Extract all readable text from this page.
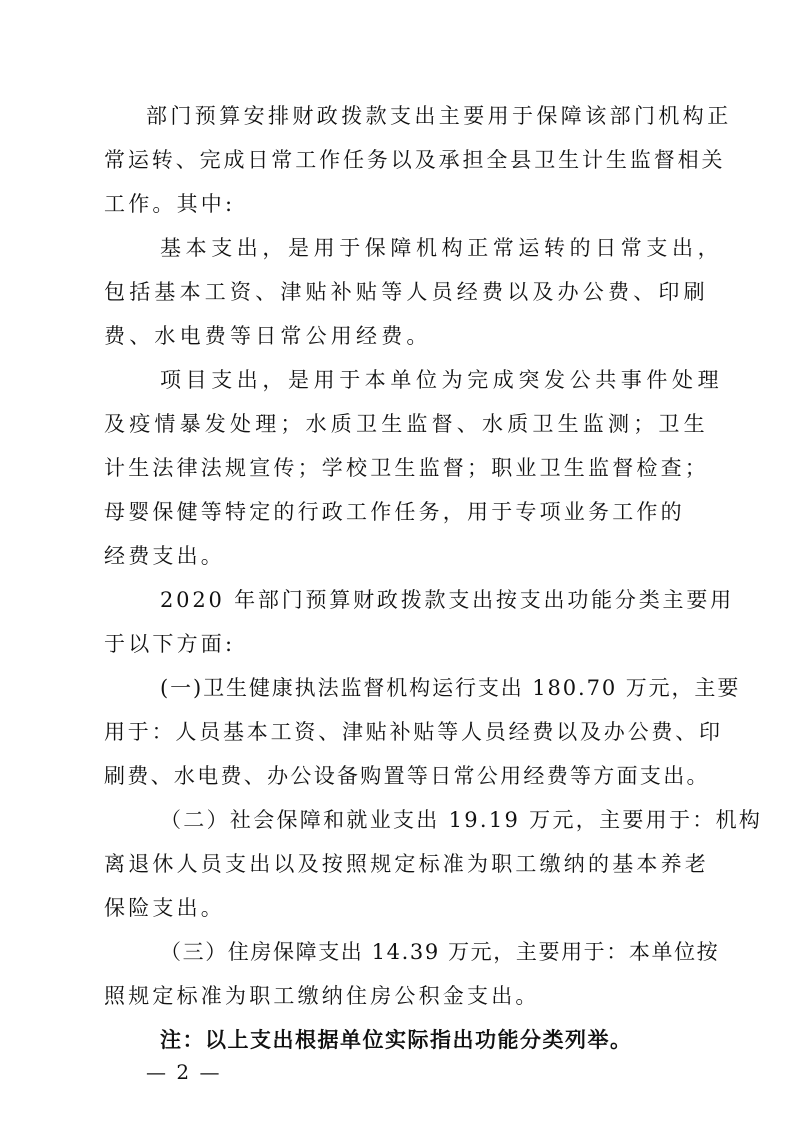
部门预算安排财政拨款支出主要用于保障该部门机构正

常运转、完成日常工作任务以及承担全县卫生计生监督相关

工作。其中:

基本支出，是用于保障机构正常运转的日常支出，

包括基本工资、津贴补贴等人员经费以及办公费、印刷

费、水电费等日常公用经费。

项目支出，是用于本单位为完成突发公共事件处理

及疫情暴发处理；水质卫生监督、水质卫生监测；卫生

计生法律法规宣传；学校卫生监督；职业卫生监督检查；

母婴保健等特定的行政工作任务，用于专项业务工作的

经费支出。

2020 年部门预算财政拨款支出按支出功能分类主要用

于以下方面:

(一)卫生健康执法监督机构运行支出 180.70 万元，主要

用于：人员基本工资、津贴补贴等人员经费以及办公费、印

刷费、水电费、办公设备购置等日常公用经费等方面支出。

（二）社会保障和就业支出 19.19 万元，主要用于：机构

离退休人员支出以及按照规定标准为职工缴纳的基本养老

保险支出。

（三）住房保障支出 14.39 万元，主要用于：本单位按

照规定标准为职工缴纳住房公积金支出。

注：以上支出根据单位实际指出功能分类列举。

— 2 —
